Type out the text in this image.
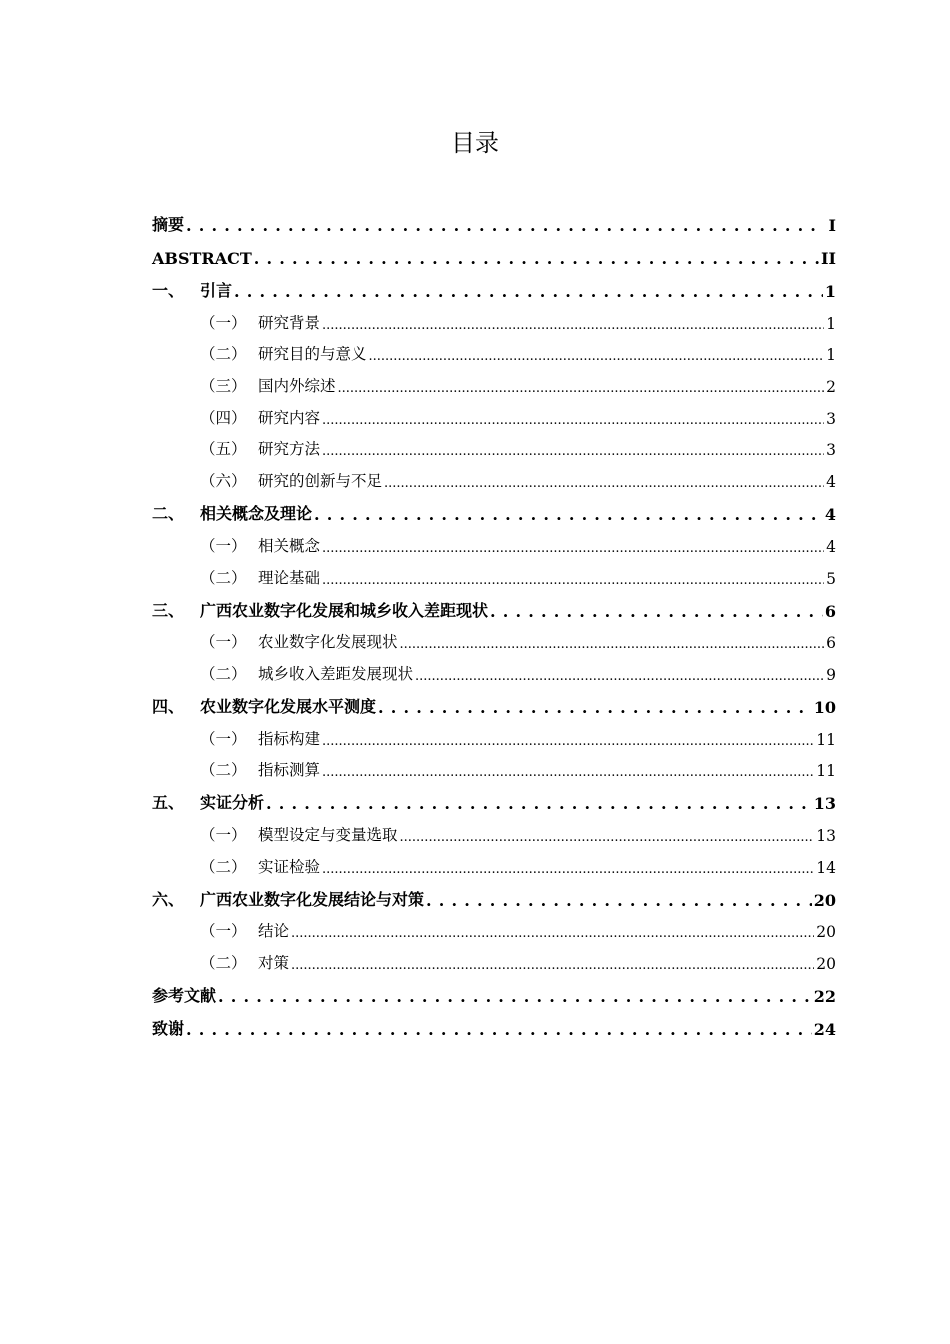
目录
摘要 . . .	I
ABSTRACT . . .	II
一、 引言 . . .	1
（一） 研究背景 .....	1
（二） 研究目的与意义 .....	1
（三） 国内外综述 .....	2
（四） 研究内容 .....	3
（五） 研究方法 .....	3
（六） 研究的创新与不足 .....	4
二、 相关概念及理论 . . .	4
（一） 相关概念 .....	4
（二） 理论基础 .....	5
三、 广西农业数字化发展和城乡收入差距现状 . . .	6
（一） 农业数字化发展现状 .....	6
（二） 城乡收入差距发展现状 .....	9
四、 农业数字化发展水平测度 . . .	10
（一） 指标构建 .....	11
（二） 指标测算 .....	11
五、 实证分析 . . .	13
（一） 模型设定与变量选取 .....	13
（二） 实证检验 .....	14
六、 广西农业数字化发展结论与对策 . . .	20
（一） 结论 .....	20
（二） 对策 .....	20
参考文献 . . .	22
致谢 . . .	24
